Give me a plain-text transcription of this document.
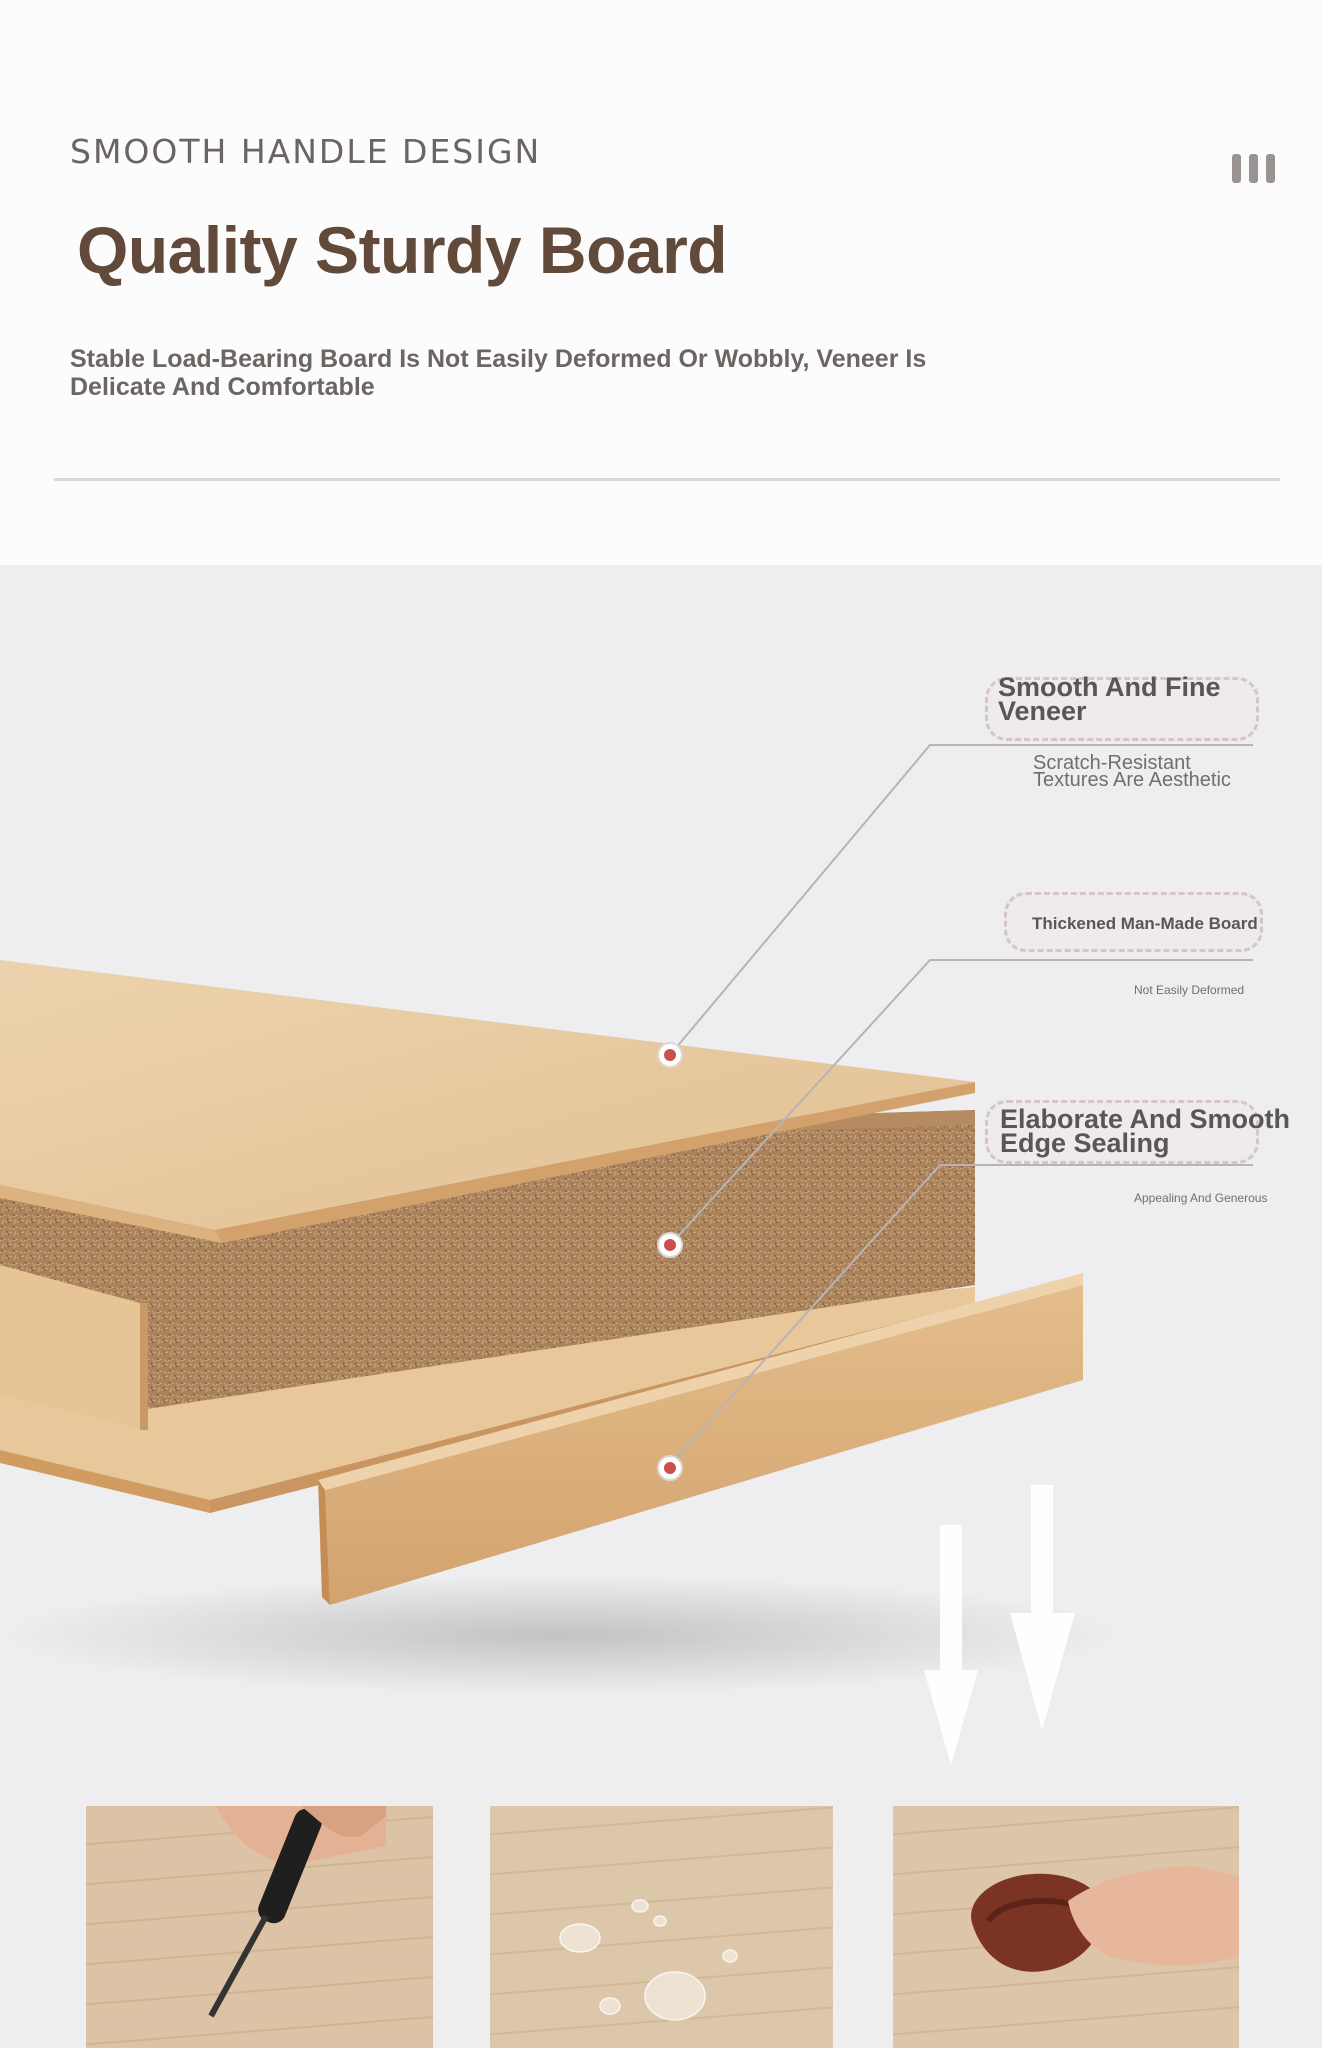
SMOOTH HANDLE DESIGN
Quality Sturdy Board
Stable Load-Bearing Board Is Not Easily Deformed Or Wobbly, Veneer Is Delicate And Comfortable
Smooth And Fine Veneer
Scratch-Resistant Textures Are Aesthetic
Thickened Man-Made Board
Not Easily Deformed
Elaborate And Smooth Edge Sealing
Appealing And Generous
